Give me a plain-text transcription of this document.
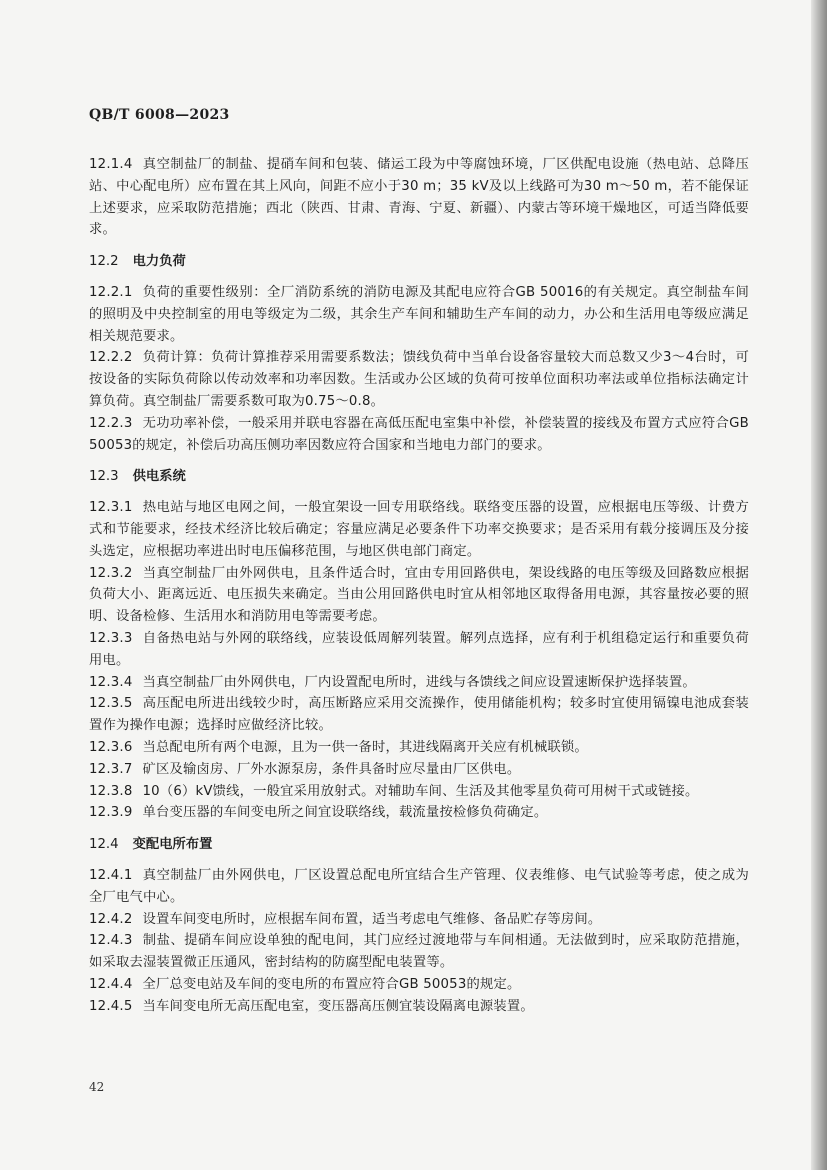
QB/T 6008—2023

12.1.4 真空制盐厂的制盐、提硝车间和包装、储运工段为中等腐蚀环境，厂区供配电设施（热电站、总降压站、中心配电所）应布置在其上风向，间距不应小于30 m；35 kV及以上线路可为30 m～50 m，若不能保证上述要求，应采取防范措施；西北（陕西、甘肃、青海、宁夏、新疆）、内蒙古等环境干燥地区，可适当降低要求。

12.2 电力负荷

12.2.1 负荷的重要性级别：全厂消防系统的消防电源及其配电应符合GB 50016的有关规定。真空制盐车间的照明及中央控制室的用电等级定为二级，其余生产车间和辅助生产车间的动力，办公和生活用电等级应满足相关规范要求。

12.2.2 负荷计算：负荷计算推荐采用需要系数法；馈线负荷中当单台设备容量较大而总数又少3～4台时，可按设备的实际负荷除以传动效率和功率因数。生活或办公区域的负荷可按单位面积功率法或单位指标法确定计算负荷。真空制盐厂需要系数可取为0.75～0.8。

12.2.3 无功功率补偿，一般采用并联电容器在高低压配电室集中补偿，补偿装置的接线及布置方式应符合GB 50053的规定，补偿后功高压侧功率因数应符合国家和当地电力部门的要求。

12.3 供电系统

12.3.1 热电站与地区电网之间，一般宜架设一回专用联络线。联络变压器的设置，应根据电压等级、计费方式和节能要求，经技术经济比较后确定；容量应满足必要条件下功率交换要求；是否采用有载分接调压及分接头选定，应根据功率进出时电压偏移范围，与地区供电部门商定。

12.3.2 当真空制盐厂由外网供电，且条件适合时，宜由专用回路供电，架设线路的电压等级及回路数应根据负荷大小、距离远近、电压损失来确定。当由公用回路供电时宜从相邻地区取得备用电源，其容量按必要的照明、设备检修、生活用水和消防用电等需要考虑。

12.3.3 自备热电站与外网的联络线，应装设低周解列装置。解列点选择，应有利于机组稳定运行和重要负荷用电。

12.3.4 当真空制盐厂由外网供电，厂内设置配电所时，进线与各馈线之间应设置速断保护选择装置。

12.3.5 高压配电所进出线较少时，高压断路应采用交流操作，使用储能机构；较多时宜使用镉镍电池成套装置作为操作电源；选择时应做经济比较。

12.3.6 当总配电所有两个电源，且为一供一备时，其进线隔离开关应有机械联锁。

12.3.7 矿区及输卤房、厂外水源泵房，条件具备时应尽量由厂区供电。

12.3.8 10（6）kV馈线，一般宜采用放射式。对辅助车间、生活及其他零星负荷可用树干式或链接。

12.3.9 单台变压器的车间变电所之间宜设联络线，载流量按检修负荷确定。

12.4 变配电所布置

12.4.1 真空制盐厂由外网供电，厂区设置总配电所宜结合生产管理、仪表维修、电气试验等考虑，使之成为全厂电气中心。

12.4.2 设置车间变电所时，应根据车间布置，适当考虑电气维修、备品贮存等房间。

12.4.3 制盐、提硝车间应设单独的配电间，其门应经过渡地带与车间相通。无法做到时，应采取防范措施，如采取去湿装置微正压通风，密封结构的防腐型配电装置等。

12.4.4 全厂总变电站及车间的变电所的布置应符合GB 50053的规定。

12.4.5 当车间变电所无高压配电室，变压器高压侧宜装设隔离电源装置。

42
